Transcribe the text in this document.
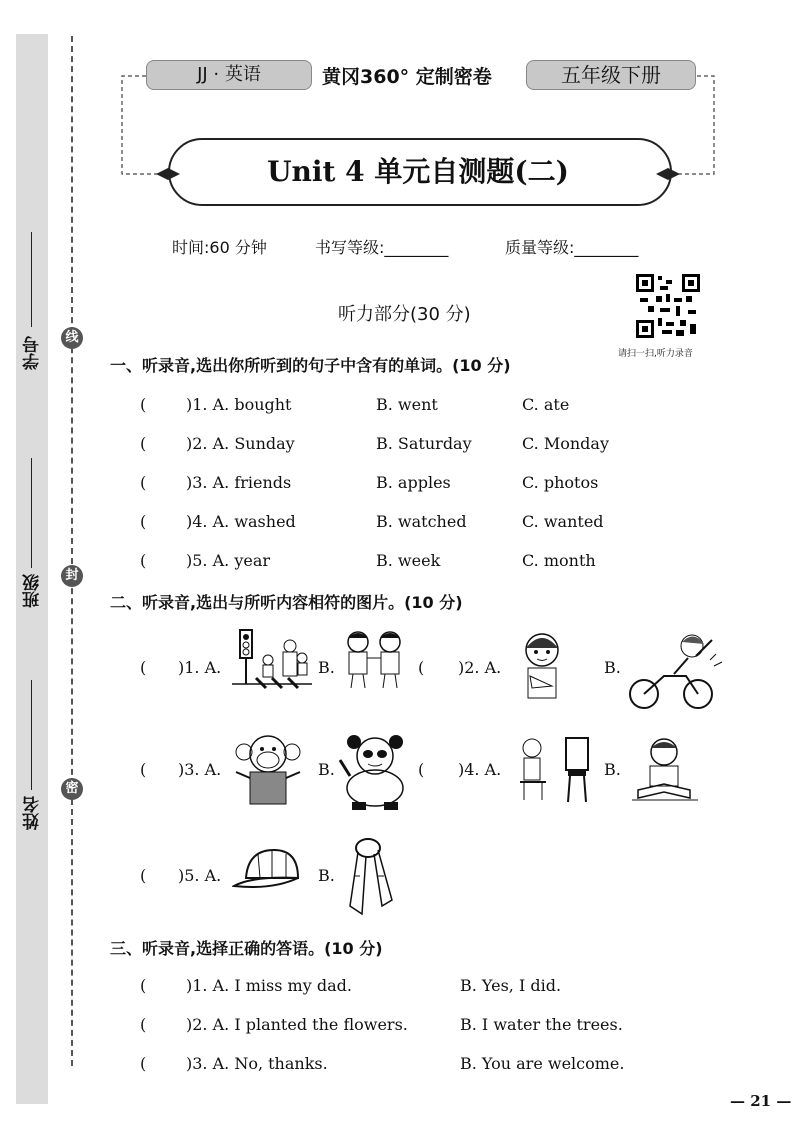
学号
班级
姓名
线
封
密
JJ · 英语	黄冈360° 定制密卷	五年级下册
Unit 4 单元自测题(二)
时间:60 分钟	书写等级:________	质量等级:________
请扫一扫,听力录音
听力部分(30 分)
一、听录音,选出你所听到的句子中含有的单词。(10 分)
( )1. A. bought	B. went	C. ate
( )2. A. Sunday	B. Saturday	C. Monday
( )3. A. friends	B. apples	C. photos
( )4. A. washed	B. watched	C. wanted
( )5. A. year	B. week	C. month
二、听录音,选出与所听内容相符的图片。(10 分)
( )1. A.	B.	( )2. A.	B.
( )3. A.	B.	( )4. A.	B.
( )5. A.	B.
三、听录音,选择正确的答语。(10 分)
( )1. A. I miss my dad.	B. Yes, I did.
( )2. A. I planted the flowers.	B. I water the trees.
( )3. A. No, thanks.	B. You are welcome.
— 21 —
